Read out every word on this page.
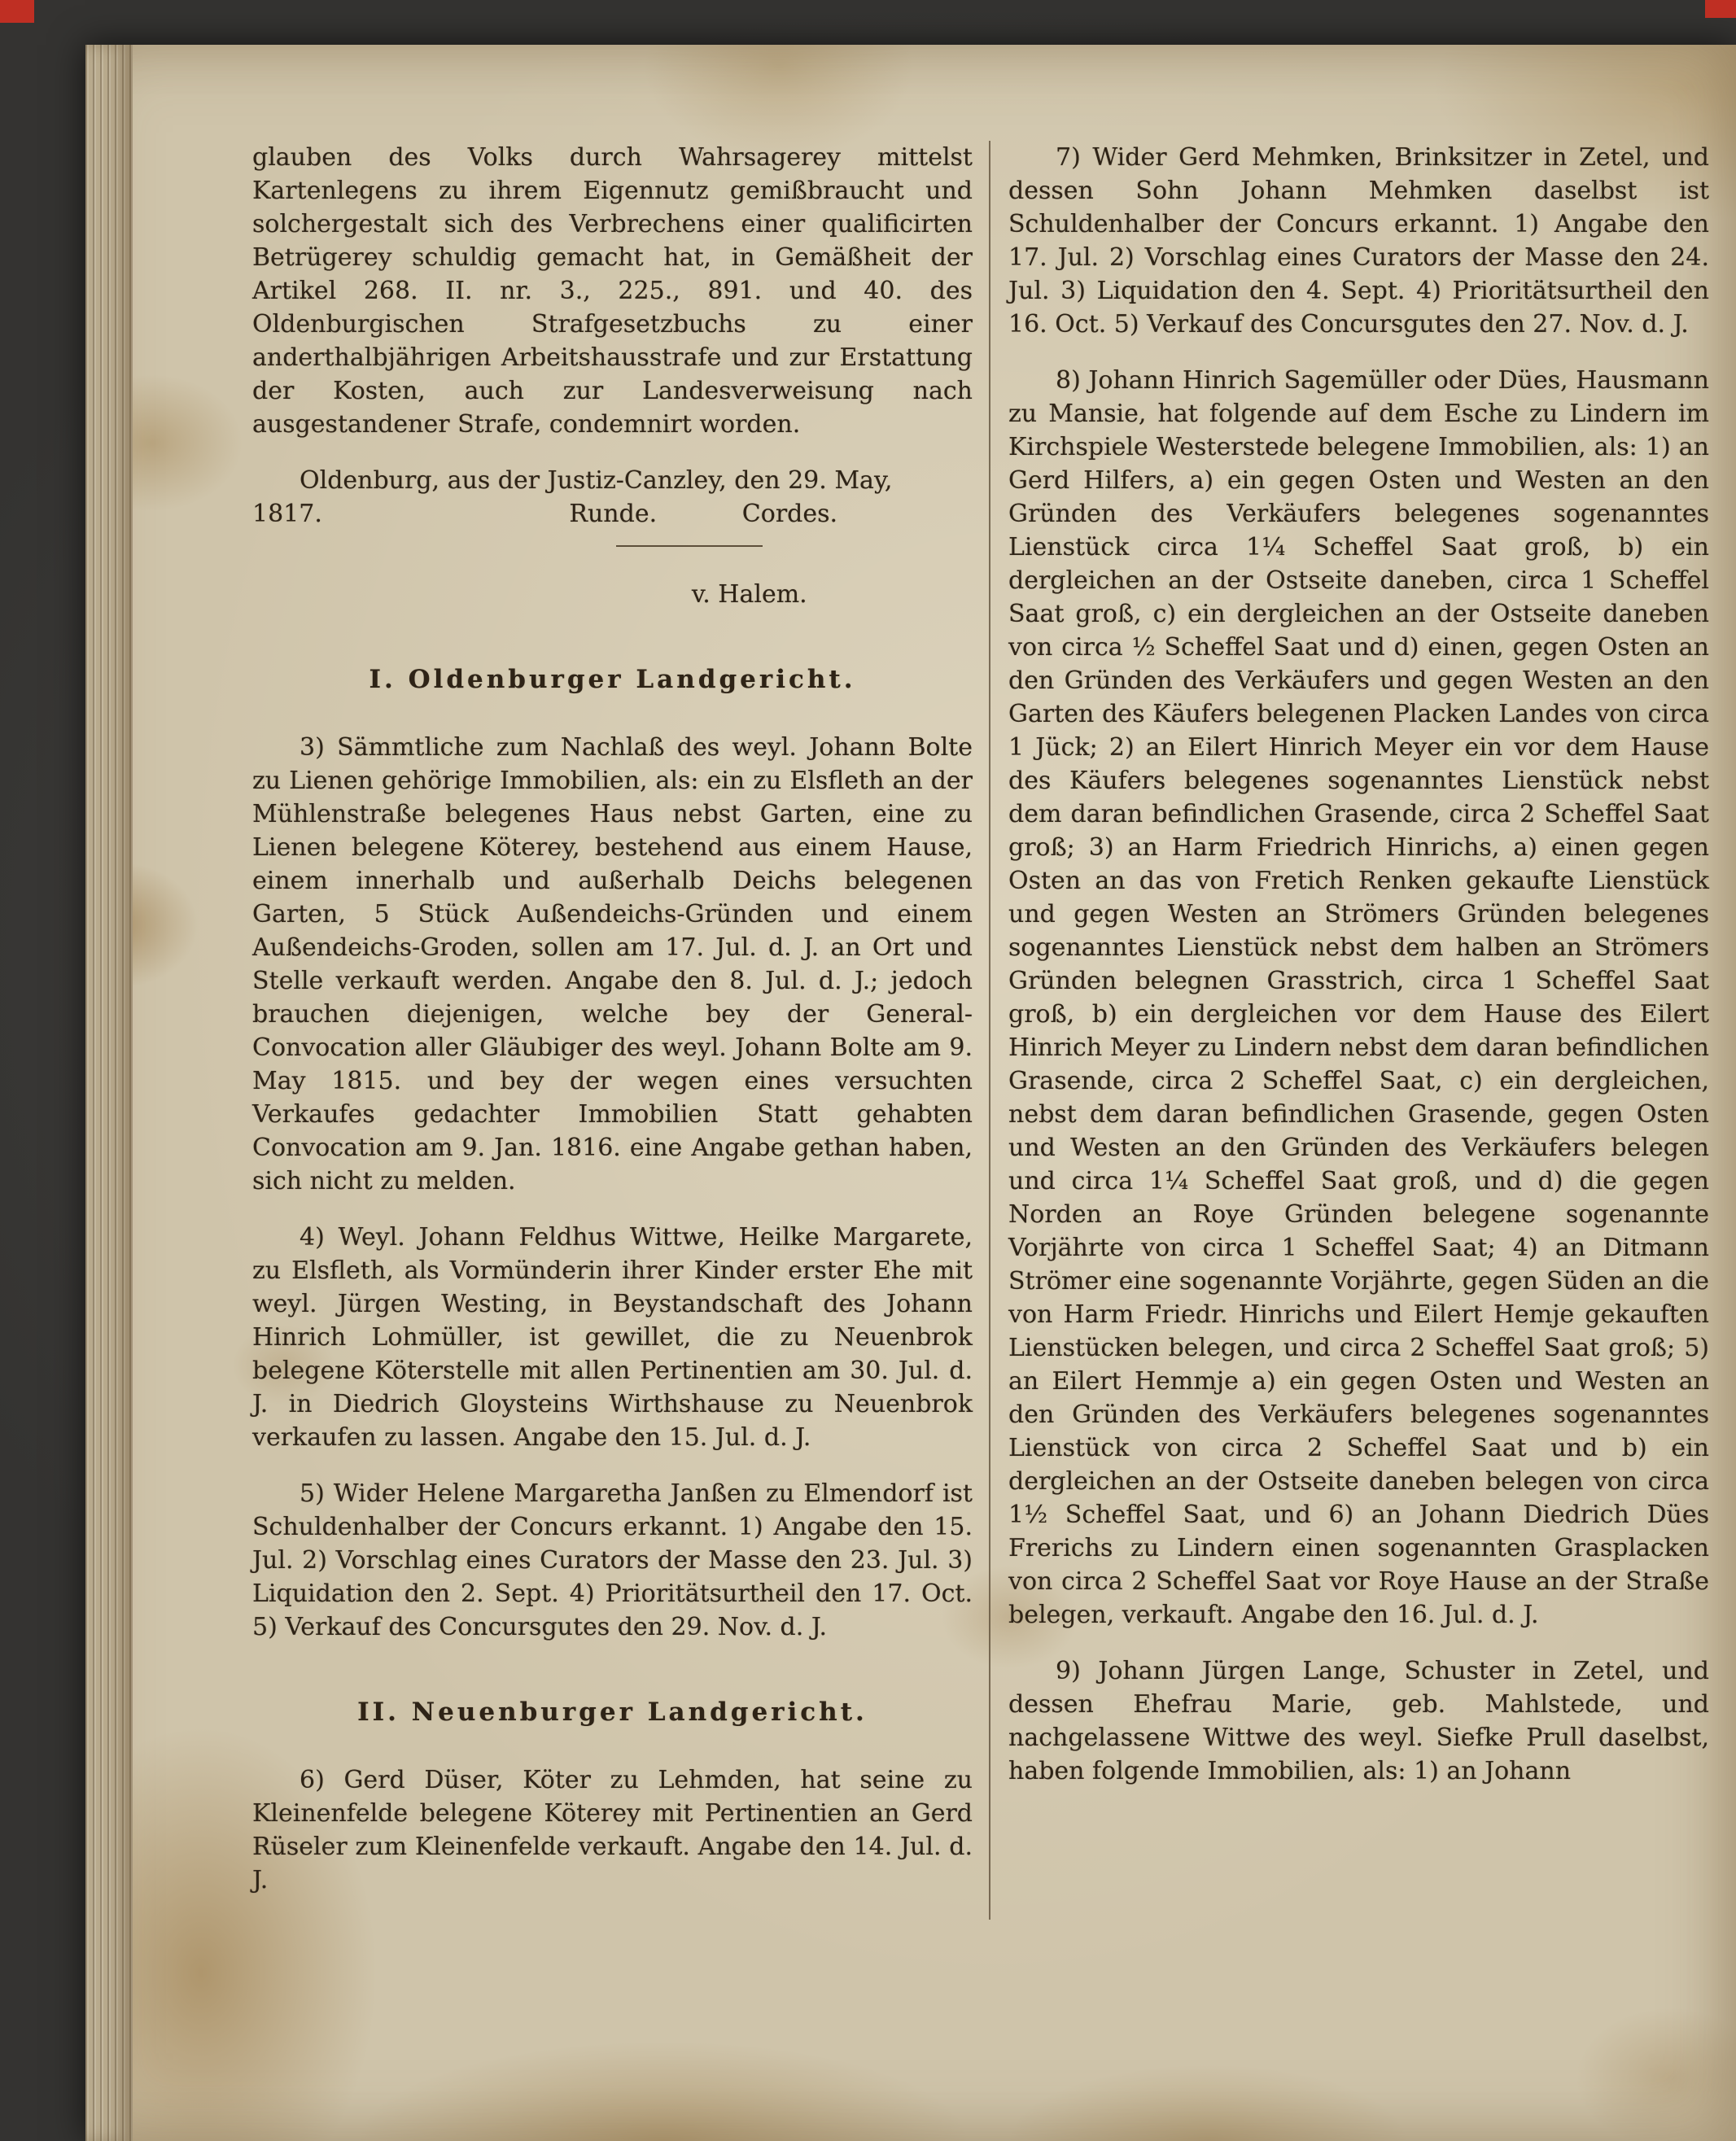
glauben des Volks durch Wahrsagerey mittelst Kartenlegens zu ihrem Eigennutz gemißbraucht und solchergestalt sich des Verbrechens einer qualificirten Betrügerey schuldig gemacht hat, in Gemäßheit der Artikel 268. II. nr. 3., 225., 891. und 40. des Oldenburgischen Strafgesetzbuchs zu einer anderthalbjährigen Arbeitshausstrafe und zur Erstattung der Kosten, auch zur Landesverweisung nach ausgestandener Strafe, condemnirt worden.

Oldenburg, aus der Justiz-Canzley, den 29. May,

1817.	Runde.	Cordes.

v. Halem.

I. Oldenburger Landgericht.

3) Sämmtliche zum Nachlaß des weyl. Johann Bolte zu Lienen gehörige Immobilien, als: ein zu Elsfleth an der Mühlenstraße belegenes Haus nebst Garten, eine zu Lienen belegene Köterey, bestehend aus einem Hause, einem innerhalb und außerhalb Deichs belegenen Garten, 5 Stück Außendeichs-Gründen und einem Außendeichs-Groden, sollen am 17. Jul. d. J. an Ort und Stelle verkauft werden. Angabe den 8. Jul. d. J.; jedoch brauchen diejenigen, welche bey der General-Convocation aller Gläubiger des weyl. Johann Bolte am 9. May 1815. und bey der wegen eines versuchten Verkaufes gedachter Immobilien Statt gehabten Convocation am 9. Jan. 1816. eine Angabe gethan haben, sich nicht zu melden.

4) Weyl. Johann Feldhus Wittwe, Heilke Margarete, zu Elsfleth, als Vormünderin ihrer Kinder erster Ehe mit weyl. Jürgen Westing, in Beystandschaft des Johann Hinrich Lohmüller, ist gewillet, die zu Neuenbrok belegene Köterstelle mit allen Pertinentien am 30. Jul. d. J. in Diedrich Gloysteins Wirthshause zu Neuenbrok verkaufen zu lassen. Angabe den 15. Jul. d. J.

5) Wider Helene Margaretha Janßen zu Elmendorf ist Schuldenhalber der Concurs erkannt. 1) Angabe den 15. Jul. 2) Vorschlag eines Curators der Masse den 23. Jul. 3) Liquidation den 2. Sept. 4) Prioritätsurtheil den 17. Oct. 5) Verkauf des Concursgutes den 29. Nov. d. J.

II. Neuenburger Landgericht.

6) Gerd Düser, Köter zu Lehmden, hat seine zu Kleinenfelde belegene Köterey mit Pertinentien an Gerd Rüseler zum Kleinenfelde verkauft. Angabe den 14. Jul. d. J.

7) Wider Gerd Mehmken, Brinksitzer in Zetel, und dessen Sohn Johann Mehmken daselbst ist Schuldenhalber der Concurs erkannt. 1) Angabe den 17. Jul. 2) Vorschlag eines Curators der Masse den 24. Jul. 3) Liquidation den 4. Sept. 4) Prioritätsurtheil den 16. Oct. 5) Verkauf des Concursgutes den 27. Nov. d. J.

8) Johann Hinrich Sagemüller oder Dües, Hausmann zu Mansie, hat folgende auf dem Esche zu Lindern im Kirchspiele Westerstede belegene Immobilien, als: 1) an Gerd Hilfers, a) ein gegen Osten und Westen an den Gründen des Verkäufers belegenes sogenanntes Lienstück circa 1¼ Scheffel Saat groß, b) ein dergleichen an der Ostseite daneben, circa 1 Scheffel Saat groß, c) ein dergleichen an der Ostseite daneben von circa ½ Scheffel Saat und d) einen, gegen Osten an den Gründen des Verkäufers und gegen Westen an den Garten des Käufers belegenen Placken Landes von circa 1 Jück; 2) an Eilert Hinrich Meyer ein vor dem Hause des Käufers belegenes sogenanntes Lienstück nebst dem daran befindlichen Grasende, circa 2 Scheffel Saat groß; 3) an Harm Friedrich Hinrichs, a) einen gegen Osten an das von Fretich Renken gekaufte Lienstück und gegen Westen an Strömers Gründen belegenes sogenanntes Lienstück nebst dem halben an Strömers Gründen belegnen Grasstrich, circa 1 Scheffel Saat groß, b) ein dergleichen vor dem Hause des Eilert Hinrich Meyer zu Lindern nebst dem daran befindlichen Grasende, circa 2 Scheffel Saat, c) ein dergleichen, nebst dem daran befindlichen Grasende, gegen Osten und Westen an den Gründen des Verkäufers belegen und circa 1¼ Scheffel Saat groß, und d) die gegen Norden an Roye Gründen belegene sogenannte Vorjährte von circa 1 Scheffel Saat; 4) an Ditmann Strömer eine sogenannte Vorjährte, gegen Süden an die von Harm Friedr. Hinrichs und Eilert Hemje gekauften Lienstücken belegen, und circa 2 Scheffel Saat groß; 5) an Eilert Hemmje a) ein gegen Osten und Westen an den Gründen des Verkäufers belegenes sogenanntes Lienstück von circa 2 Scheffel Saat und b) ein dergleichen an der Ostseite daneben belegen von circa 1½ Scheffel Saat, und 6) an Johann Diedrich Dües Frerichs zu Lindern einen sogenannten Grasplacken von circa 2 Scheffel Saat vor Roye Hause an der Straße belegen, verkauft. Angabe den 16. Jul. d. J.

9) Johann Jürgen Lange, Schuster in Zetel, und dessen Ehefrau Marie, geb. Mahlstede, und nachgelassene Wittwe des weyl. Siefke Prull daselbst, haben folgende Immobilien, als: 1) an Johann
